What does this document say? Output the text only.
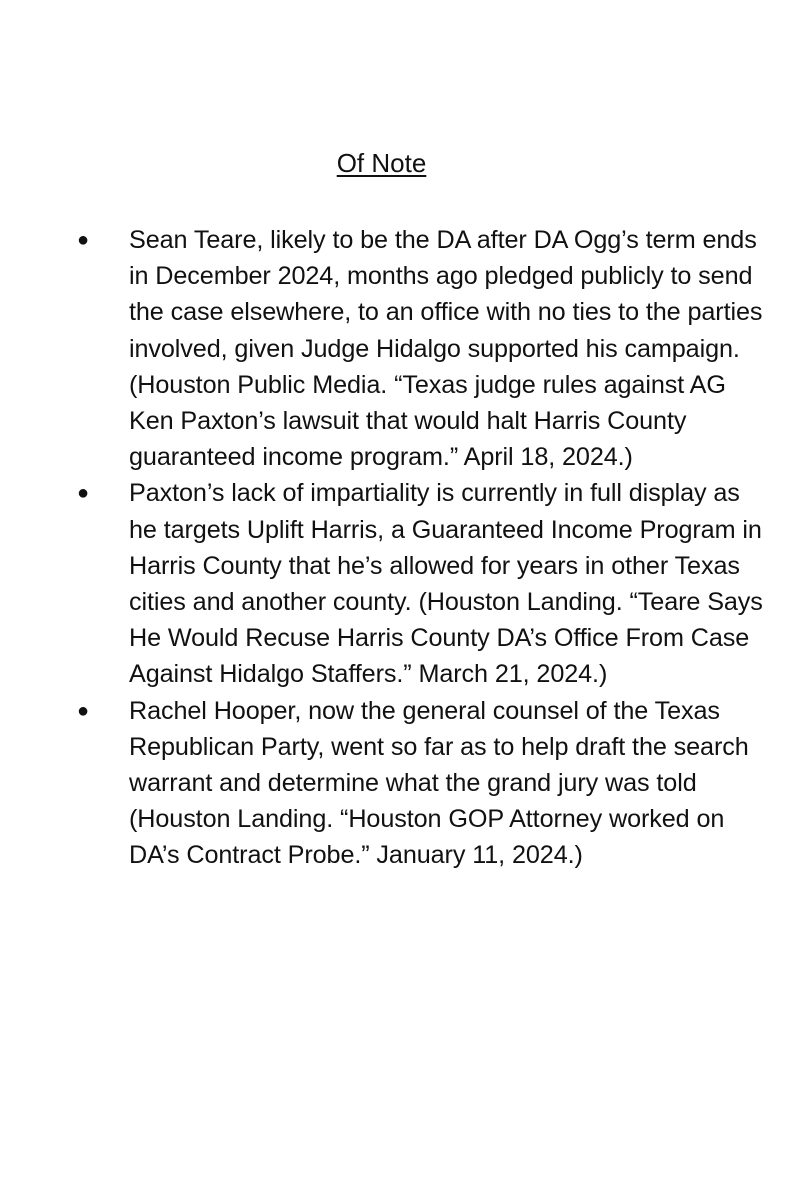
Of Note
● Sean Teare, likely to be the DA after DA Ogg’s term ends in December 2024, months ago pledged publicly to send the case elsewhere, to an office with no ties to the parties involved, given Judge Hidalgo supported his campaign. (Houston Public Media. “Texas judge rules against AG Ken Paxton’s lawsuit that would halt Harris County guaranteed income program.” April 18, 2024.)
● Paxton’s lack of impartiality is currently in full display as he targets Uplift Harris, a Guaranteed Income Program in Harris County that he’s allowed for years in other Texas cities and another county. (Houston Landing. “Teare Says He Would Recuse Harris County DA’s Office From Case Against Hidalgo Staffers.” March 21, 2024.)
● Rachel Hooper, now the general counsel of the Texas Republican Party, went so far as to help draft the search warrant and determine what the grand jury was told (Houston Landing. “Houston GOP Attorney worked on DA’s Contract Probe.” January 11, 2024.)
